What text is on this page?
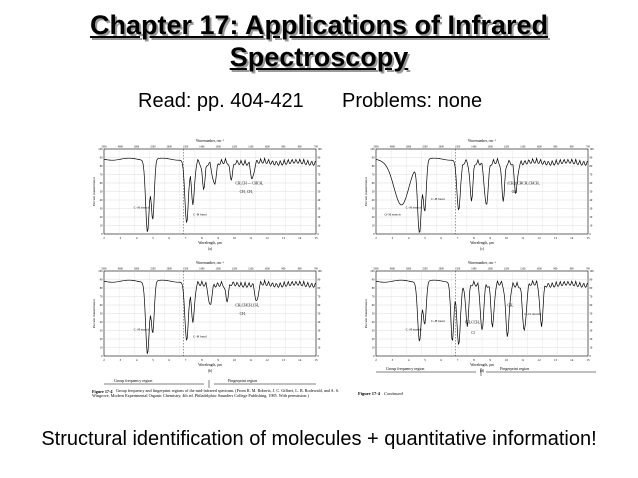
Chapter 17: Applications of Infrared
Spectroscopy
Read: pp. 404-421 Problems: none
Wavenumber, cm⁻¹
5000	4000	3000	2500	2000	1500	1400	1300	1200	1100	1000	900	800	700
2	3	4	5	6	7	8	9	10	11	12	13	14	15
Wavelength, μm
(a)
100	100
90	90
80	80
70	70
60	60
50	50
40	40
30	30
20	20
10	10
0	0
Percent transmittance	CH₃CH — CHCH₃
CH₃ CH₃
C–H stretch
C–H bend
Wavenumber, cm⁻¹
5000	4000	3000	2500	2000	1500	1400	1300	1200	1100	1000	900	800	700
2	3	4	5	6	7	8	9	10	11	12	13	14	15
Wavelength, μm
(b)
100	100
90	90
80	80
70	70
60	60
50	50
40	40
30	30
20	20
10	10
0	0
Percent transmittance	CH₃CHCH₂CH₃
CH₃
C–H stretch
C–H bend
Wavenumber, cm⁻¹
5000	4000	3000	2500	2000	1500	1400	1300	1200	1100	1000	900	800	700
2	3	4	5	6	7	8	9	10	11	12	13	14	15
Wavelength, μm
(c)
100	100
90	90
80	80
70	70
60	60
50	50
40	40
30	30
20	20
10	10
0	0
Percent transmittance	(CH₃)₂CHCH₂CHCH₃
OH
C–H stretch
O–H stretch
C–H bend
Wavenumber, cm⁻¹
5000	4000	3000	2500	2000	1500	1400	1300	1200	1100	1000	900	800	700
2	3	4	5	6	7	8	9	10	11	12	13	14	15
Wavelength, μm
(d)
100	100
90	90
80	80
70	70
60	60
50	50
40	40
30	30
20	20
10	10
0	0
Percent transmittance	CH₃
CH₃CCH₃
Cl
C–H stretch
C–Cl stretch
C–H bend
Group frequency region	Fingerprint region
Group frequency region	Fingerprint region
Figure 17-4 Group frequency and fingerprint regions of the mid-infrared spectrum. (From R. M. Roberts, J. C. Gilbert, L. B. Rodewald, and A. S. Wingrove, Modern Experimental Organic Chemistry, 4th ed. Philadelphia: Saunders College Publishing, 1985. With permission.)	Figure 17-4 Continued
Structural identification of molecules + quantitative information!
